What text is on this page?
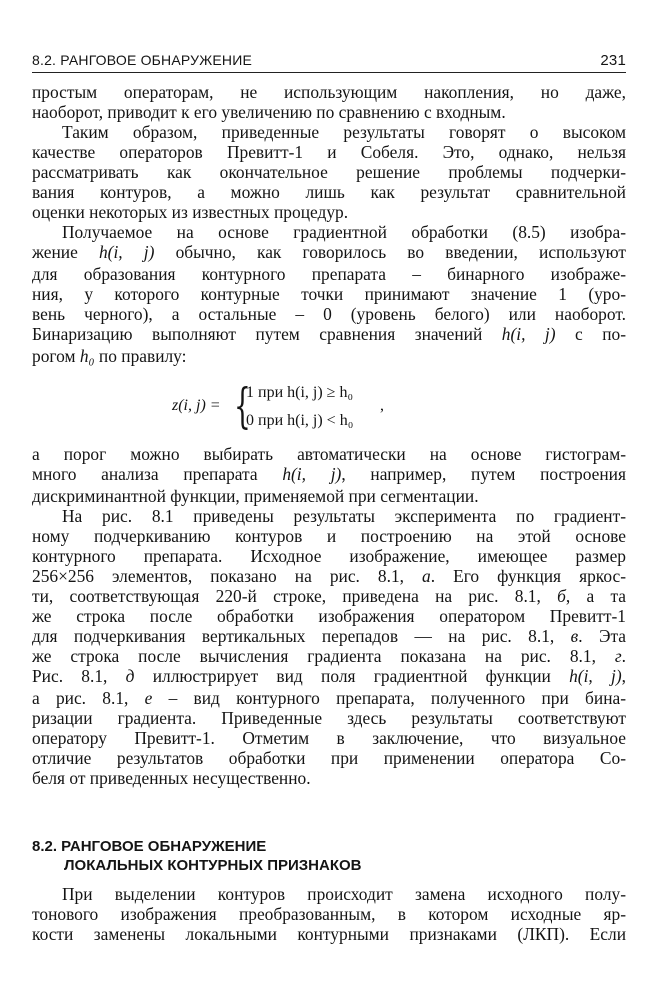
8.2. РАНГОВОЕ ОБНАРУЖЕНИЕ	231
простым операторам, не использующим накопления, но даже,
наоборот, приводит к его увеличению по сравнению с входным.
Таким образом, приведенные результаты говорят о высоком
качестве операторов Превитт-1 и Собеля. Это, однако, нельзя
рассматривать как окончательное решение проблемы подчерки-
вания контуров, а можно лишь как результат сравнительной
оценки некоторых из известных процедур.
Получаемое на основе градиентной обработки (8.5) изобра-
жение h(i, j) обычно, как говорилось во введении, используют
для образования контурного препарата – бинарного изображе-
ния, у которого контурные точки принимают значение 1 (уро-
вень черного), а остальные – 0 (уровень белого) или наоборот.
Бинаризацию выполняют путем сравнения значений h(i, j) с по-
рогом h₀ по правилу:
z(i, j) = {
1 при h(i, j) ≥ h₀
0 при h(i, j) < h₀
,
а порог можно выбирать автоматически на основе гистограм-
много анализа препарата h(i, j), например, путем построения
дискриминантной функции, применяемой при сегментации.
На рис. 8.1 приведены результаты эксперимента по градиент-
ному подчеркиванию контуров и построению на этой основе
контурного препарата. Исходное изображение, имеющее размер
256×256 элементов, показано на рис. 8.1, а. Его функция яркос-
ти, соответствующая 220-й строке, приведена на рис. 8.1, б, а та
же строка после обработки изображения оператором Превитт-1
для подчеркивания вертикальных перепадов — на рис. 8.1, в. Эта
же строка после вычисления градиента показана на рис. 8.1, г.
Рис. 8.1, д иллюстрирует вид поля градиентной функции h(i, j),
а рис. 8.1, е – вид контурного препарата, полученного при бина-
ризации градиента. Приведенные здесь результаты соответствуют
оператору Превитт-1. Отметим в заключение, что визуальное
отличие результатов обработки при применении оператора Со-
беля от приведенных несущественно.
8.2. РАНГОВОЕ ОБНАРУЖЕНИЕ
ЛОКАЛЬНЫХ КОНТУРНЫХ ПРИЗНАКОВ
При выделении контуров происходит замена исходного полу-
тонового изображения преобразованным, в котором исходные яр-
кости заменены локальными контурными признаками (ЛКП). Если
